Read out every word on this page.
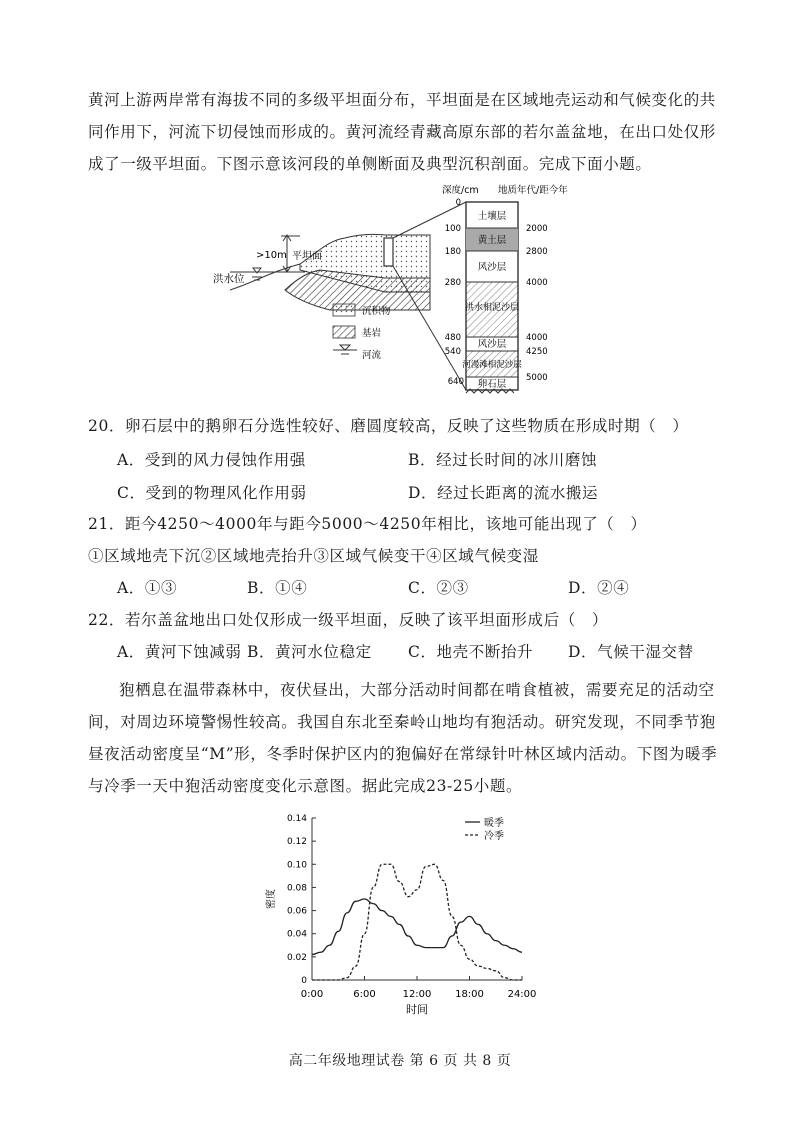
黄河上游两岸常有海拔不同的多级平坦面分布，平坦面是在区域地壳运动和气候变化的共同作用下，河流下切侵蚀而形成的。黄河流经青藏高原东部的若尔盖盆地，在出口处仅形成了一级平坦面。下图示意该河段的单侧断面及典型沉积剖面。完成下面小题。

>10m 平坦面
洪水位
沉积物
基岩
河流
深度/cm 地质年代/距今年
土壤层
黄土层
风沙层
洪水相泥沙层
风沙层
河漫滩相泥沙层
卵石层
0
100
180
280
480
540
640
2000
2800
4000
4000
4250
5000

20．卵石层中的鹅卵石分选性较好、磨圆度较高，反映了这些物质在形成时期（　）

A．受到的风力侵蚀作用强	B．经过长时间的冰川磨蚀

C．受到的物理风化作用弱	D．经过长距离的流水搬运

21．距今4250～4000年与距今5000～4250年相比，该地可能出现了（　）

①区域地壳下沉②区域地壳抬升③区域气候变干④区域气候变湿

A．①③	B．①④	C．②③	D．②④

22．若尔盖盆地出口处仅形成一级平坦面，反映了该平坦面形成后（　）

A．黄河下蚀减弱 B．黄河水位稳定 C．地壳不断抬升 D．气候干湿交替

狍栖息在温带森林中，夜伏昼出，大部分活动时间都在啃食植被，需要充足的活动空间，对周边环境警惕性较高。我国自东北至秦岭山地均有狍活动。研究发现，不同季节狍昼夜活动密度呈“M”形，冬季时保护区内的狍偏好在常绿针叶林区域内活动。下图为暖季与冷季一天中狍活动密度变化示意图。据此完成23-25小题。

0
0.02
0.04
0.06
0.08
0.10
0.12
0.14
0:00	6:00	12:00 18:00 24:00
时间
密度
暖季
冷季
高二年级地理试卷 第 6 页 共 8 页
